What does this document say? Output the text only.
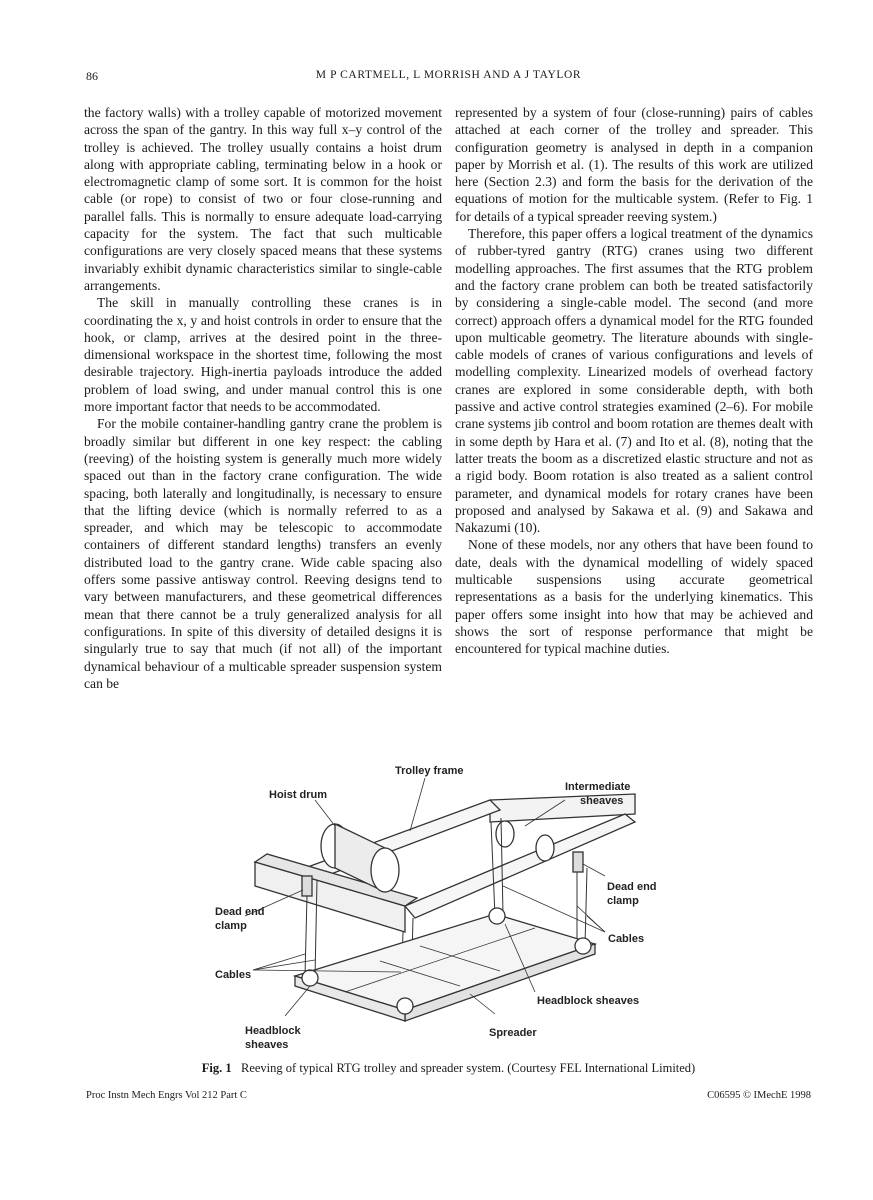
86	M P CARTMELL, L MORRISH AND A J TAYLOR

the factory walls) with a trolley capable of motorized movement across the span of the gantry. In this way full x–y control of the trolley is achieved. The trolley usually contains a hoist drum along with appropriate cabling, terminating below in a hook or electromagnetic clamp of some sort. It is common for the hoist cable (or rope) to consist of two or four close-running and parallel falls. This is normally to ensure adequate load-carrying capacity for the system. The fact that such multicable configurations are very closely spaced means that these systems invariably exhibit dynamic characteristics similar to single-cable arrangements.

The skill in manually controlling these cranes is in coordinating the x, y and hoist controls in order to ensure that the hook, or clamp, arrives at the desired point in the three-dimensional workspace in the shortest time, following the most desirable trajectory. High-inertia payloads introduce the added problem of load swing, and under manual control this is one more important factor that needs to be accommodated.

For the mobile container-handling gantry crane the problem is broadly similar but different in one key respect: the cabling (reeving) of the hoisting system is generally much more widely spaced out than in the factory crane configuration. The wide spacing, both laterally and longitudinally, is necessary to ensure that the lifting device (which is normally referred to as a spreader, and which may be telescopic to accommodate containers of different standard lengths) transfers an evenly distributed load to the gantry crane. Wide cable spacing also offers some passive antisway control. Reeving designs tend to vary between manufacturers, and these geometrical differences mean that there cannot be a truly generalized analysis for all configurations. In spite of this diversity of detailed designs it is singularly true to say that much (if not all) of the important dynamical behaviour of a multicable spreader suspension system can be

represented by a system of four (close-running) pairs of cables attached at each corner of the trolley and spreader. This configuration geometry is analysed in depth in a companion paper by Morrish et al. (1). The results of this work are utilized here (Section 2.3) and form the basis for the derivation of the equations of motion for the multicable system. (Refer to Fig. 1 for details of a typical spreader reeving system.)

Therefore, this paper offers a logical treatment of the dynamics of rubber-tyred gantry (RTG) cranes using two different modelling approaches. The first assumes that the RTG problem and the factory crane problem can both be treated satisfactorily by considering a single-cable model. The second (and more correct) approach offers a dynamical model for the RTG founded upon multicable geometry. The literature abounds with single-cable models of cranes of various configurations and levels of modelling complexity. Linearized models of overhead factory cranes are explored in some considerable depth, with both passive and active control strategies examined (2–6). For mobile crane systems jib control and boom rotation are themes dealt with in some depth by Hara et al. (7) and Ito et al. (8), noting that the latter treats the boom as a discretized elastic structure and not as a rigid body. Boom rotation is also treated as a salient control parameter, and dynamical models for rotary cranes have been proposed and analysed by Sakawa et al. (9) and Sakawa and Nakazumi (10).

None of these models, nor any others that have been found to date, deals with the dynamical modelling of widely spaced multicable suspensions using accurate geometrical representations as a basis for the underlying kinematics. This paper offers some insight into how that may be achieved and shows the sort of response performance that might be encountered for typical machine duties.

Trolley frame
Hoist drum
Intermediate
sheaves
Dead end
clamp
Dead end
clamp
Cables
Cables
Headblock sheaves
Headblock
sheaves
Spreader
Fig. 1 Reeving of typical RTG trolley and spreader system. (Courtesy FEL International Limited)
Proc Instn Mech Engrs Vol 212 Part C	C06595 © IMechE 1998
